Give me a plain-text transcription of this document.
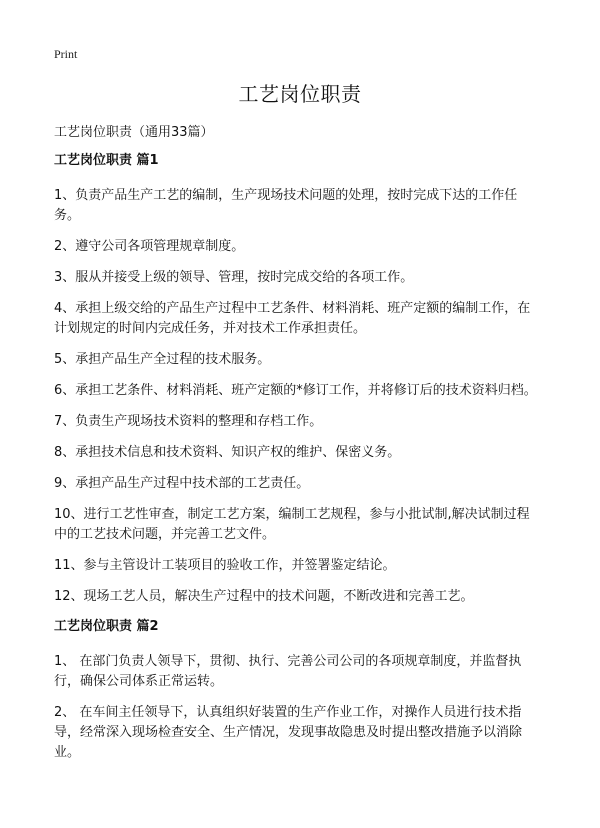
Print
工艺岗位职责
工艺岗位职责（通用33篇）
工艺岗位职责 篇1

1、负责产品生产工艺的编制，生产现场技术问题的处理，按时完成下达的工作任务。

2、遵守公司各项管理规章制度。

3、服从并接受上级的领导、管理，按时完成交给的各项工作。

4、承担上级交给的产品生产过程中工艺条件、材料消耗、班产定额的编制工作，在计划规定的时间内完成任务，并对技术工作承担责任。

5、承担产品生产全过程的技术服务。

6、承担工艺条件、材料消耗、班产定额的*修订工作，并将修订后的技术资料归档。

7、负责生产现场技术资料的整理和存档工作。

8、承担技术信息和技术资料、知识产权的维护、保密义务。

9、承担产品生产过程中技术部的工艺责任。

10、进行工艺性审查，制定工艺方案，编制工艺规程，参与小批试制,解决试制过程中的工艺技术问题，并完善工艺文件。

11、参与主管设计工装项目的验收工作，并签署鉴定结论。

12、现场工艺人员，解决生产过程中的技术问题，不断改进和完善工艺。

工艺岗位职责 篇2

1、 在部门负责人领导下，贯彻、执行、完善公司公司的各项规章制度，并监督执行，确保公司体系正常运转。

2、 在车间主任领导下，认真组织好装置的生产作业工作，对操作人员进行技术指导，经常深入现场检查安全、生产情况，发现事故隐患及时提出整改措施予以消除业。
